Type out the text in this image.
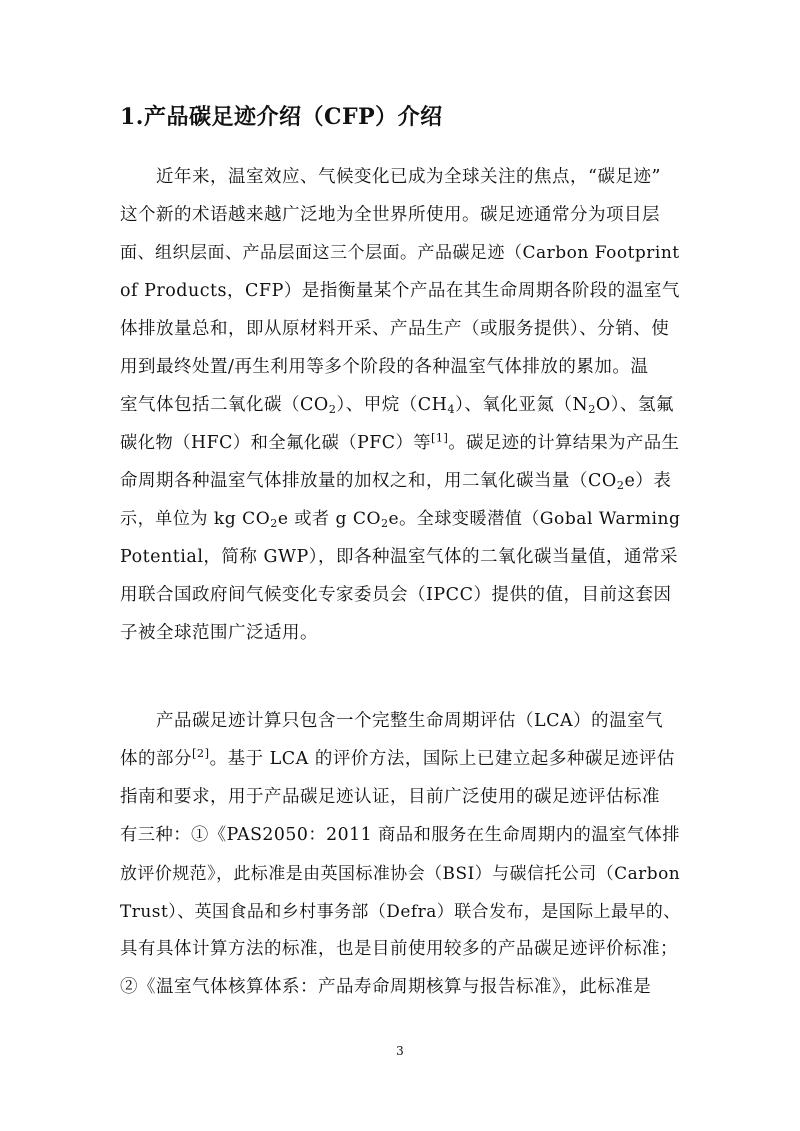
1.产品碳足迹介绍（CFP）介绍
近年来，温室效应、气候变化已成为全球关注的焦点，“碳足迹”
这个新的术语越来越广泛地为全世界所使用。碳足迹通常分为项目层
面、组织层面、产品层面这三个层面。产品碳足迹（Carbon Footprint
of Products，CFP）是指衡量某个产品在其生命周期各阶段的温室气
体排放量总和，即从原材料开采、产品生产（或服务提供）、分销、使
用到最终处置/再生利用等多个阶段的各种温室气体排放的累加。温
室气体包括二氧化碳$(CO_2)$、甲烷$(CH_4)$、氧化亚氮$(N_2O)$、氢氟
碳化物（HFC）和全氟化碳（PFC）等[1]。碳足迹的计算结果为产品生
命周期各种温室气体排放量的加权之和，用二氧化碳当量$(CO_2e)$表
示，单位为 kg $CO_2e$ 或者 g $CO_2e$。全球变暖潜值（Gobal Warming
Potential，简称 GWP），即各种温室气体的二氧化碳当量值，通常采
用联合国政府间气候变化专家委员会（IPCC）提供的值，目前这套因
子被全球范围广泛适用。
产品碳足迹计算只包含一个完整生命周期评估（LCA）的温室气
体的部分[2]。基于 LCA 的评价方法，国际上已建立起多种碳足迹评估
指南和要求，用于产品碳足迹认证，目前广泛使用的碳足迹评估标准
有三种：①《PAS2050：2011 商品和服务在生命周期内的温室气体排
放评价规范》，此标准是由英国标准协会（BSI）与碳信托公司（Carbon
Trust）、英国食品和乡村事务部（Defra）联合发布，是国际上最早的、
具有具体计算方法的标准，也是目前使用较多的产品碳足迹评价标准；
②《温室气体核算体系：产品寿命周期核算与报告标准》，此标准是
3
